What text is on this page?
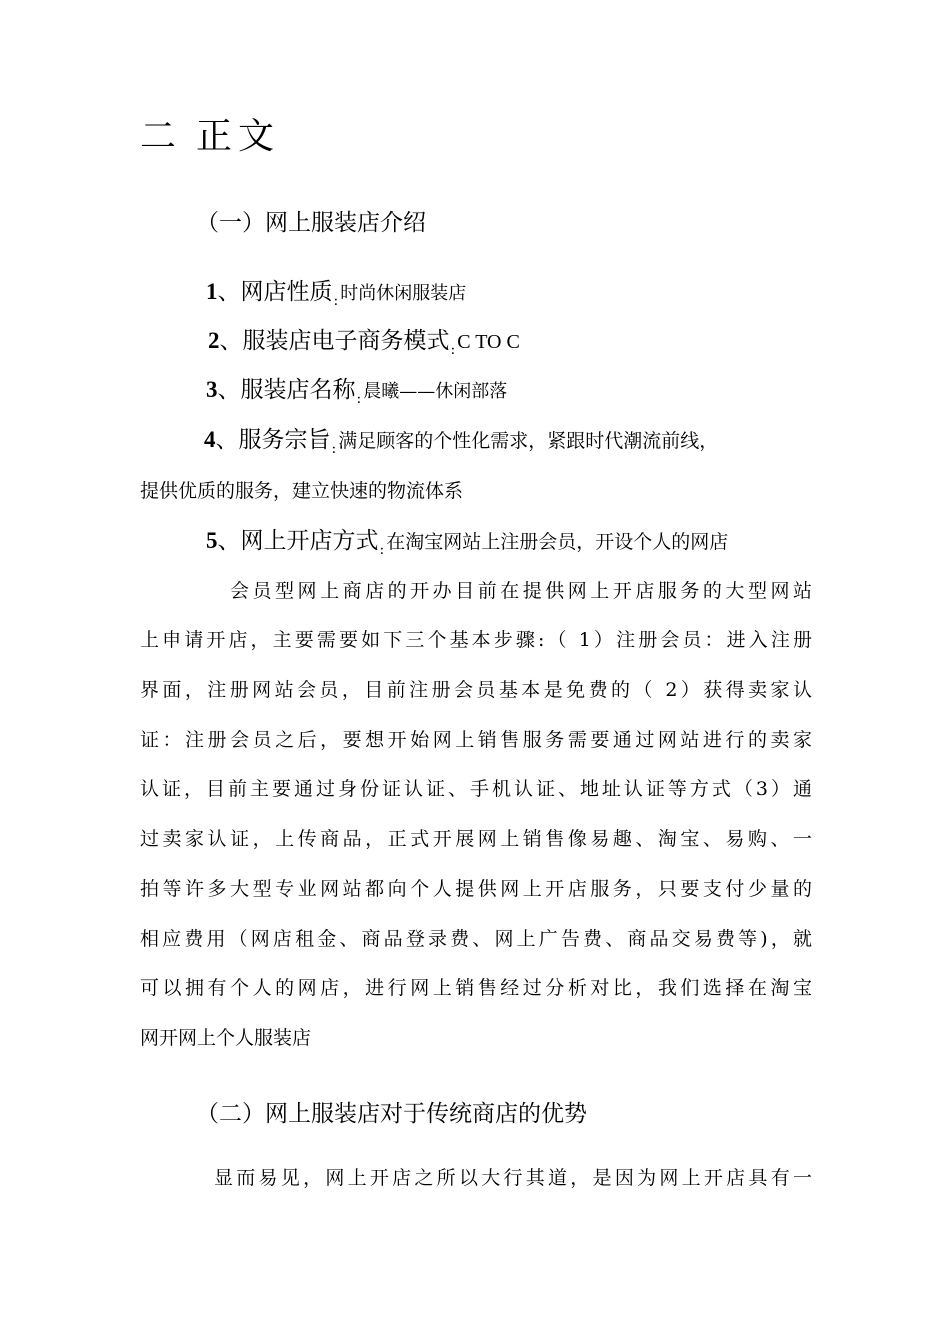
二 正文
（一）网上服装店介绍
1、网店性质$_:$ 时尚休闲服装店
2、服装店电子商务模式$_:$ C TO C
3、服装店名称$_:$ 晨曦——休闲部落
4、服务宗旨$_:$ 满足顾客的个性化需求，紧跟时代潮流前线，
提供优质的服务，建立快速的物流体系
5、网上开店方式$_:$ 在淘宝网站上注册会员，开设个人的网店
会员型网上商店的开办目前在提供网上开店服务的大型网站
上申请开店，主要需要如下三个基本步骤:（ 1）注册会员：进入注册
界面，注册网站会员，目前注册会员基本是免费的（ 2）获得卖家认
证：注册会员之后，要想开始网上销售服务需要通过网站进行的卖家
认证，目前主要通过身份证认证、手机认证、地址认证等方式（3）通
过卖家认证，上传商品，正式开展网上销售像易趣、淘宝、易购、一
拍等许多大型专业网站都向个人提供网上开店服务，只要支付少量的
相应费用（网店租金、商品登录费、网上广告费、商品交易费等)，就
可以拥有个人的网店，进行网上销售经过分析对比，我们选择在淘宝
网开网上个人服装店
（二）网上服装店对于传统商店的优势
显而易见，网上开店之所以大行其道，是因为网上开店具有一
